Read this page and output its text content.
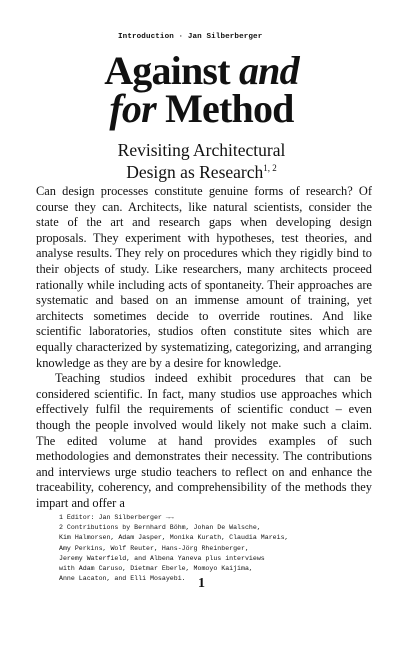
Introduction · Jan Silberberger
Against and
for Method
Revisiting Architectural
Design as Research$^{1, 2}$

Can design processes constitute genuine forms of research? Of course they can. Architects, like natural scientists, consider the state of the art and research gaps when developing design proposals. They experiment with hypotheses, test theories, and analyse results. They rely on procedures which they rigidly bind to their objects of study. Like researchers, many architects proceed rationally while including acts of spontaneity. Their approaches are systematic and based on an immense amount of training, yet architects sometimes decide to override routines. And like scientific laboratories, studios often constitute sites which are equally characterized by systematizing, categorizing, and arranging knowledge as they are by a desire for knowledge.

Teaching studios indeed exhibit procedures that can be considered scientific. In fact, many studios use approaches which effectively fulfil the requirements of scientific conduct – even though the people involved would likely not make such a claim. The edited volume at hand provides examples of such methodologies and demonstrates their necessity. The contributions and interviews urge studio teachers to reflect on and enhance the traceability, coherency, and comprehensibility of the methods they impart and offer a

1 Editor: Jan Silberberger →→
2 Contributions by Bernhard Böhm, Johan De Walsche,
Kim Halmorsen, Adam Jasper, Monika Kurath, Claudia Mareis,
Amy Perkins, Wolf Reuter, Hans-Jörg Rheinberger,
Jeremy Waterfield, and Albena Yaneva plus interviews
with Adam Caruso, Dietmar Eberle, Momoyo Kaijima,
Anne Lacaton, and Elli Mosayebi. 1
